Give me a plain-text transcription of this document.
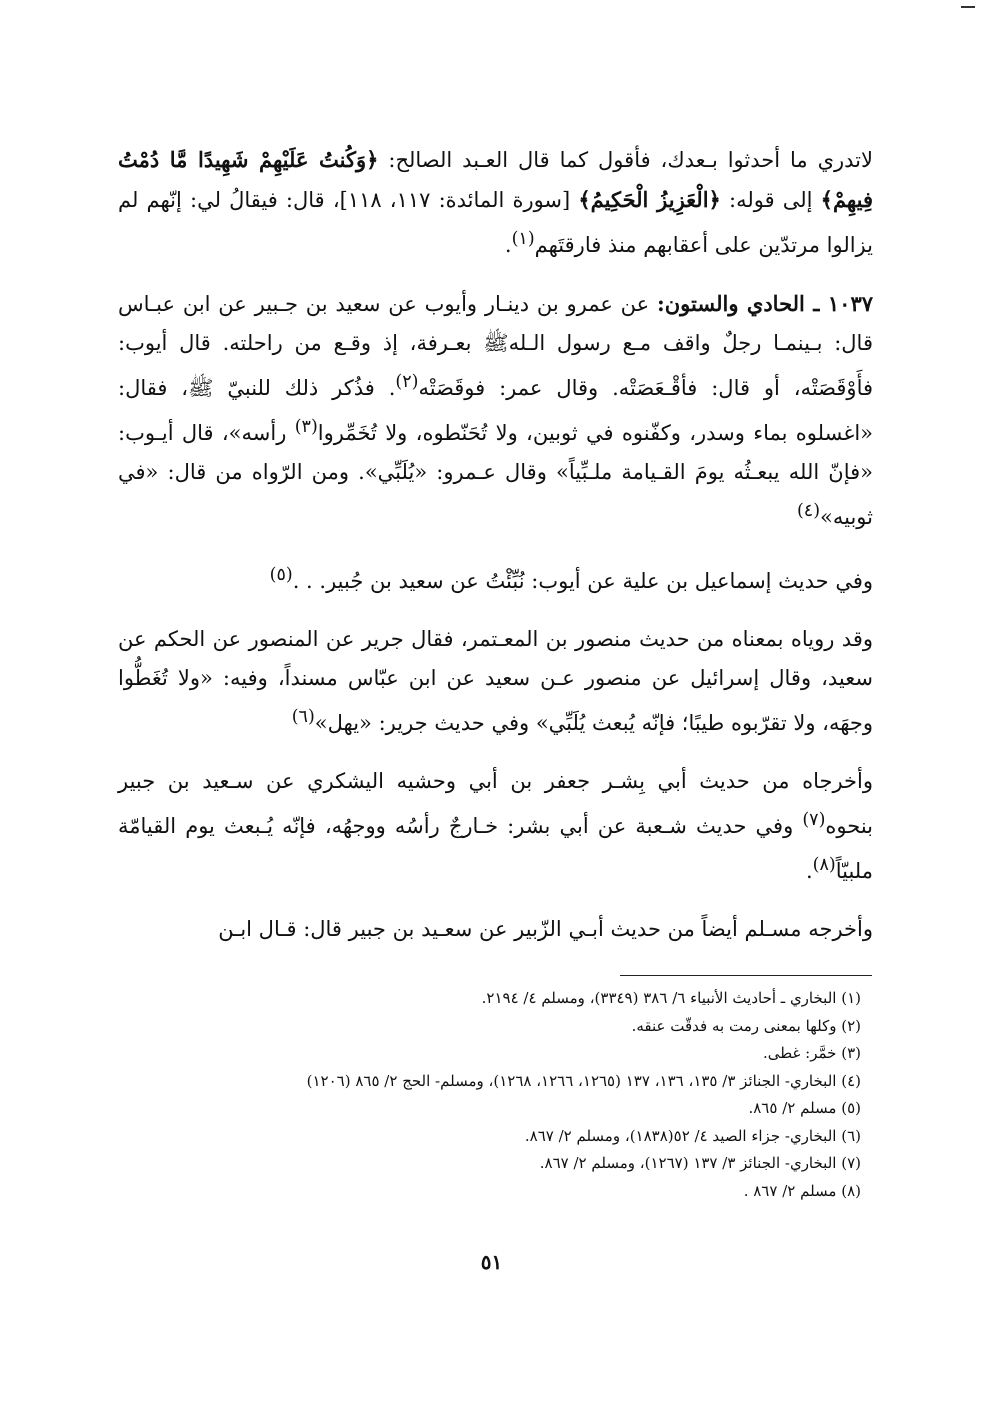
لاتدري ما أحدثوا بـعدك، فأقول كما قال العـبد الصالح: ﴿وَكُنتُ عَلَيْهِمْ شَهِيدًا مَّا دُمْتُ فِيهِمْ﴾ إلى قوله: ﴿الْعَزِيزُ الْحَكِيمُ﴾ [سورة المائدة: ١١٧، ١١٨]، قال: فيقالُ لي: إنّهم لم يزالوا مرتدّين على أعقابهم منذ فارقتَهم$^{(١)}$.

١٠٣٧ ـ الحادي والستون: عن عمرو بن دينـار وأيوب عن سعيد بن جـبير عن ابن عبـاس قال: بـينمـا رجلٌ واقف مـع رسول الـلهﷺ بعـرفة، إذ وقـع من راحلته. قال أيوب: فأَوْقَصَتْه، أو قال: فأقْـعَصَتْه. وقال عمر: فوقَصَتْه$^{(٢)}$. فذُكر ذلك للنبيّ ﷺ، فقال: «اغسلوه بماء وسدر، وكفّنوه في ثوبين، ولا تُحَنّطوه، ولا تُخَمِّروا$^{(٣)}$ رأسه»، قال أيـوب: «فإنّ الله يبعـثُه يومَ القـيامة ملـبِّياً» وقال عـمرو: «يُلَبِّي». ومن الرّواه من قال: «في ثوبيه»$^{(٤)}$

وفي حديث إسماعيل بن علية عن أيوب: نُبِّئْتُ عن سعيد بن جُبير. . .$^{(٥)}$

وقد روياه بمعناه من حديث منصور بن المعـتمر، فقال جرير عن المنصور عن الحكم عن سعيد، وقال إسرائيل عن منصور عـن سعيد عن ابن عبّاس مسنداً، وفيه: «ولا تُغَطُّوا وجهَه، ولا تقرّبوه طيبًا؛ فإنّه يُبعث يُلَبِّي» وفي حديث جرير: «يهل»$^{(٦)}$

وأخرجاه من حديث أبي بِشـر جعفر بن أبي وحشيه اليشكري عن سـعيد بن جبير بنحوه$^{(٧)}$ وفي حديث شـعبة عن أبي بشر: خـارجٌ رأسُه ووجهُه، فإنّه يُـبعث يوم القيامّة ملبيّاً$^{(٨)}$.

وأخرجه مسـلم أيضاً من حديث أبـي الزّبير عن سعـيد بن جبير قال: قـال ابـن

(١) البخاري ـ أحاديث الأنبياء ٦/ ٣٨٦ (٣٣٤٩)، ومسلم ٤/ ٢١٩٤.

(٢) وكلها بمعنى رمت به فدقّت عنقه.

(٣) خمَّر: غطى.

(٤) البخاري- الجنائز ٣/ ١٣٥، ١٣٦، ١٣٧ (١٢٦٥، ١٢٦٦، ١٢٦٨)، ومسلم- الحج ٢/ ٨٦٥ (١٢٠٦)

(٥) مسلم ٢/ ٨٦٥.

(٦) البخاري- جزاء الصيد ٤/ ٥٢(١٨٣٨)، ومسلم ٢/ ٨٦٧.

(٧) البخاري- الجنائز ٣/ ١٣٧ (١٢٦٧)، ومسلم ٢/ ٨٦٧.

(٨) مسلم ٢/ ٨٦٧ .

٥١
